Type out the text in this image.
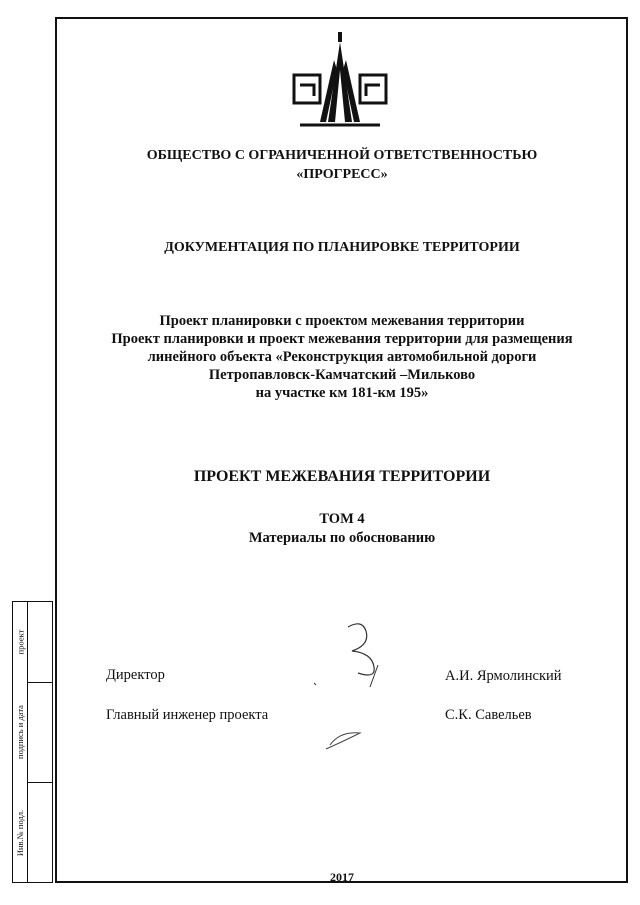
ОБЩЕСТВО С ОГРАНИЧЕННОЙ ОТВЕТСТВЕННОСТЬЮ
«ПРОГРЕСС»
ДОКУМЕНТАЦИЯ ПО ПЛАНИРОВКЕ ТЕРРИТОРИИ
Проект планировки с проектом межевания территории
Проект планировки и проект межевания территории для размещения
линейного объекта «Реконструкция автомобильной дороги
Петропавловск-Камчатский –Мильково
на участке км 181-км 195»
ПРОЕКТ МЕЖЕВАНИЯ ТЕРРИТОРИИ
ТОМ 4
Материалы по обоснованию
Директор	А.И. Ярмолинский
Главный инженер проекта	С.К. Савельев
проект
подпись и дата
Инв.№ подл.
2017
